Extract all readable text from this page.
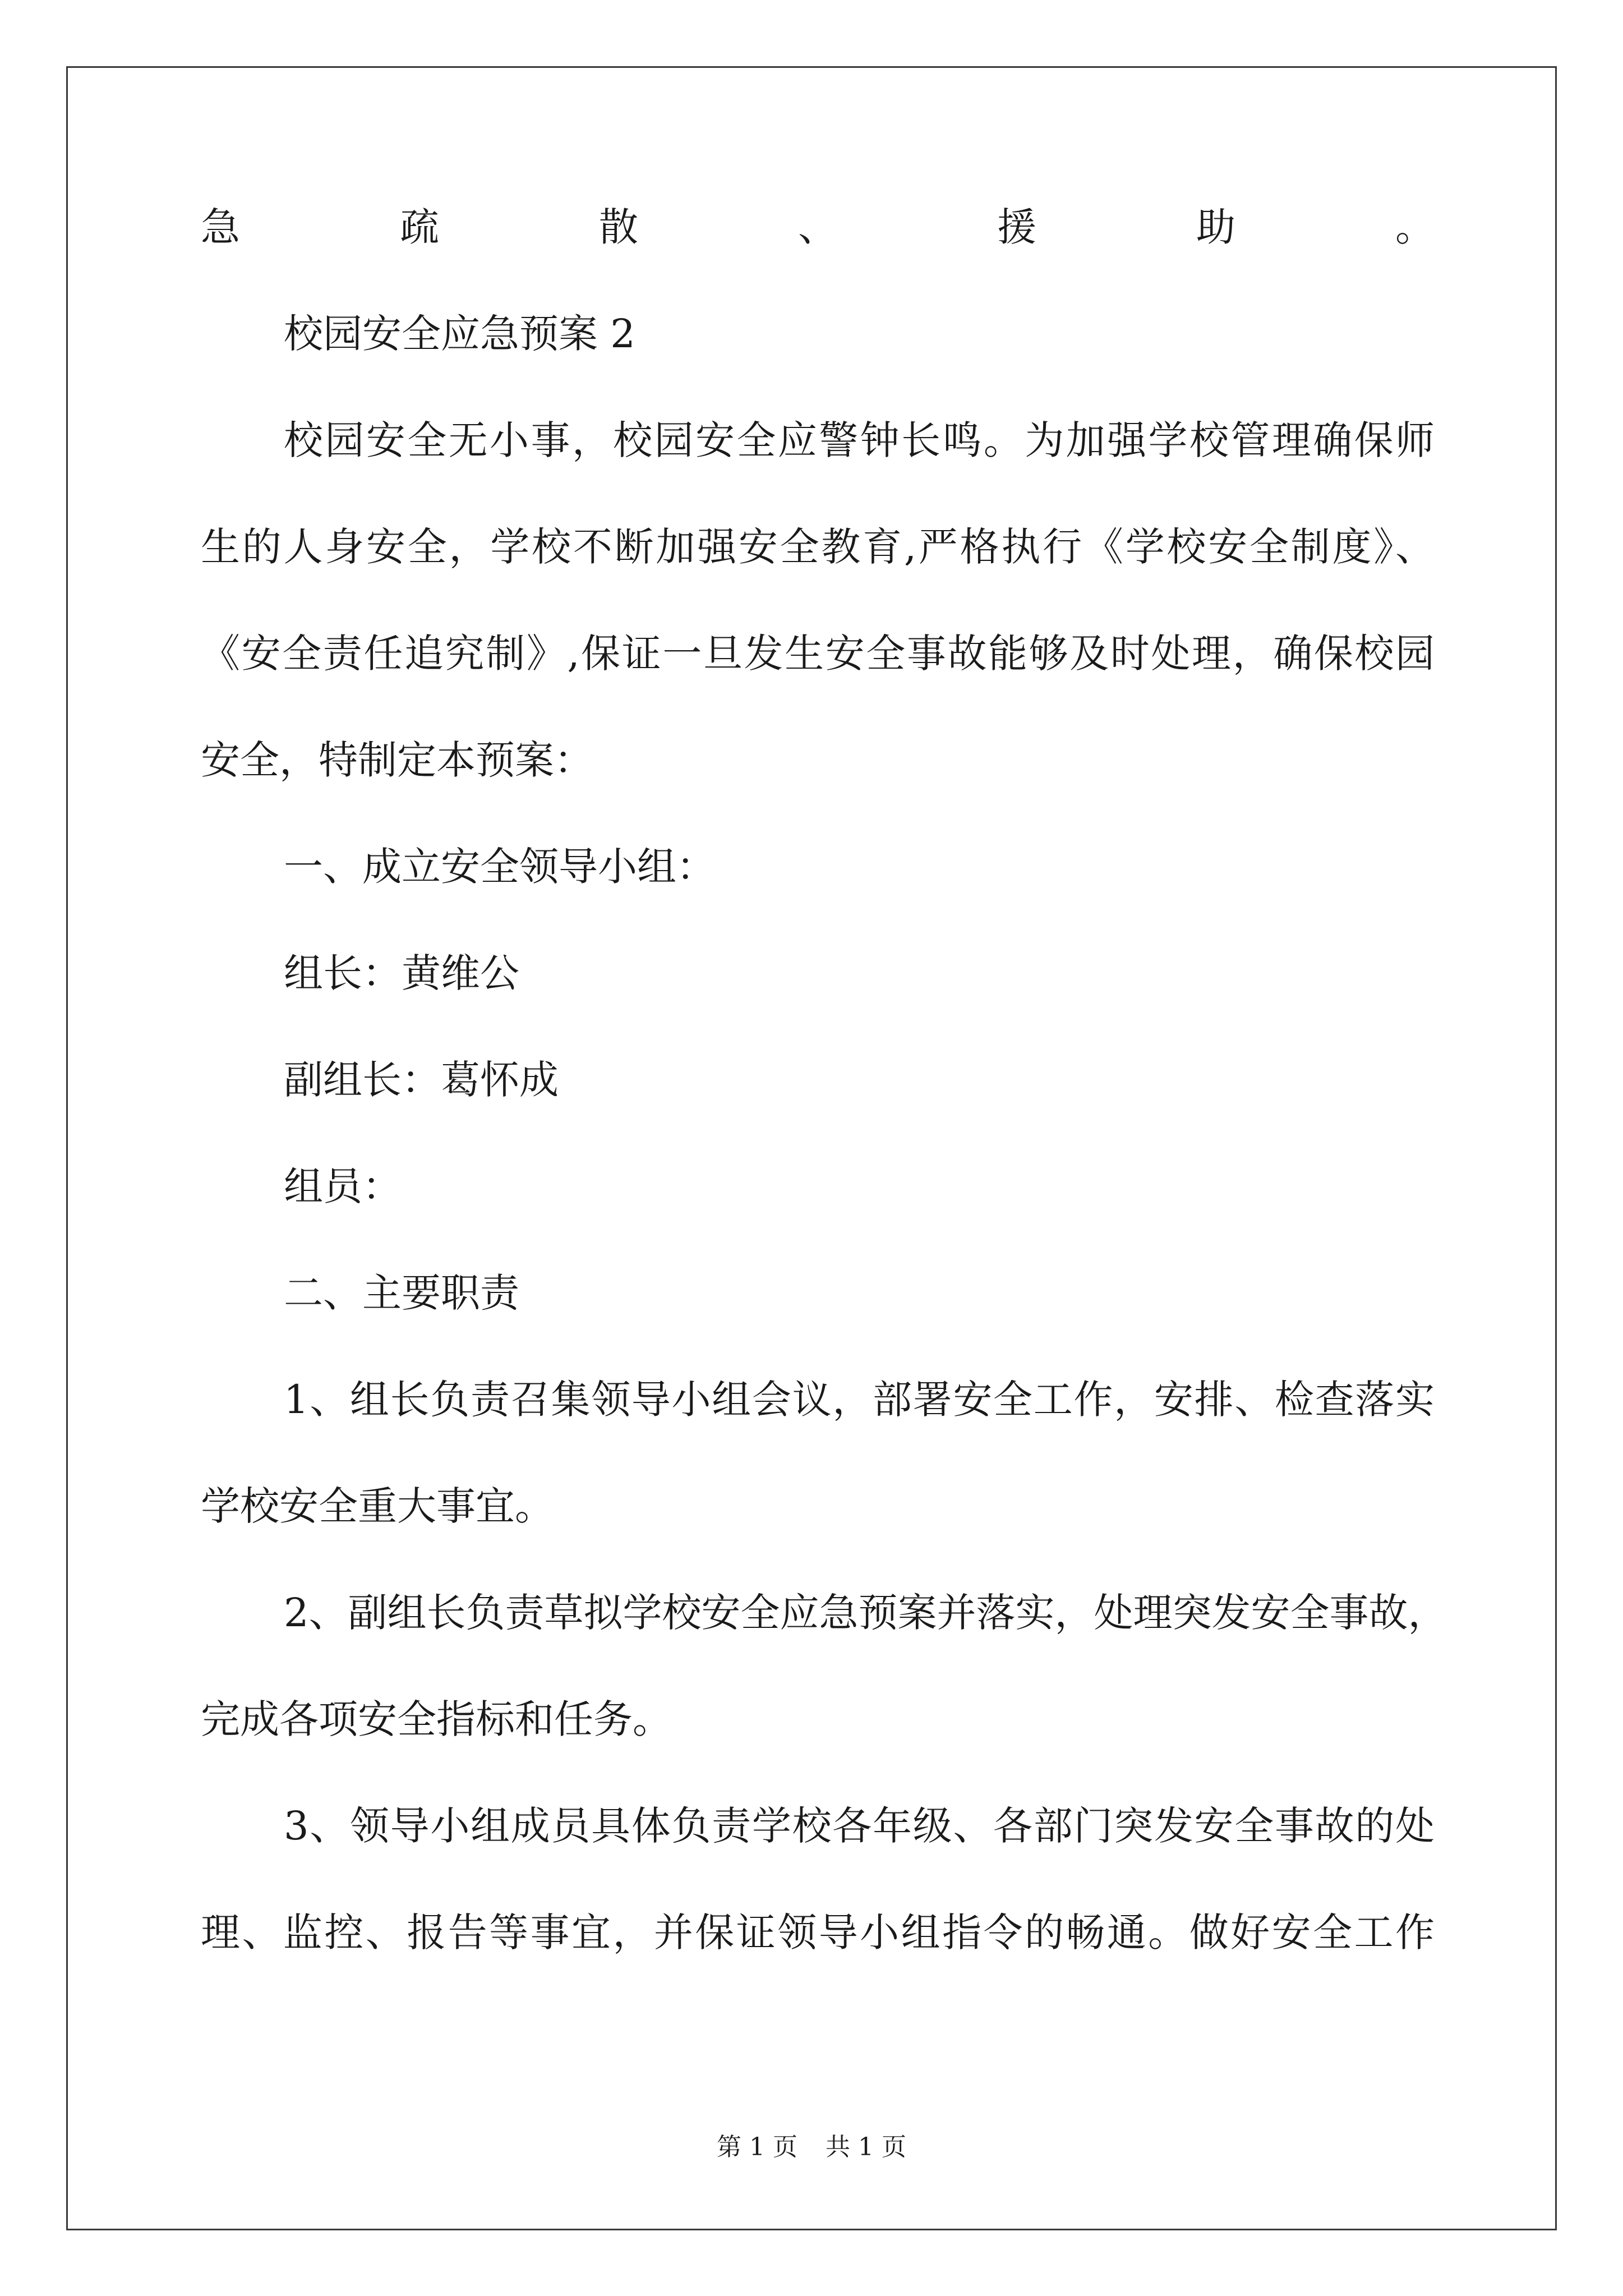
急疏散、援助。
校园安全应急预案 2
校园安全无小事，校园安全应警钟长鸣。为加强学校管理确保师
生的人身安全，学校不断加强安全教育,严格执行《学校安全制度》、
《安全责任追究制》,保证一旦发生安全事故能够及时处理，确保校园
安全，特制定本预案：
一、成立安全领导小组：
组长：黄维公
副组长：葛怀成
组员：
二、主要职责
1、组长负责召集领导小组会议，部署安全工作，安排、检查落实
学校安全重大事宜。
2、副组长负责草拟学校安全应急预案并落实，处理突发安全事故，
完成各项安全指标和任务。
3、领导小组成员具体负责学校各年级、各部门突发安全事故的处
理、监控、报告等事宜，并保证领导小组指令的畅通。做好安全工作
第 1 页 共 1 页
